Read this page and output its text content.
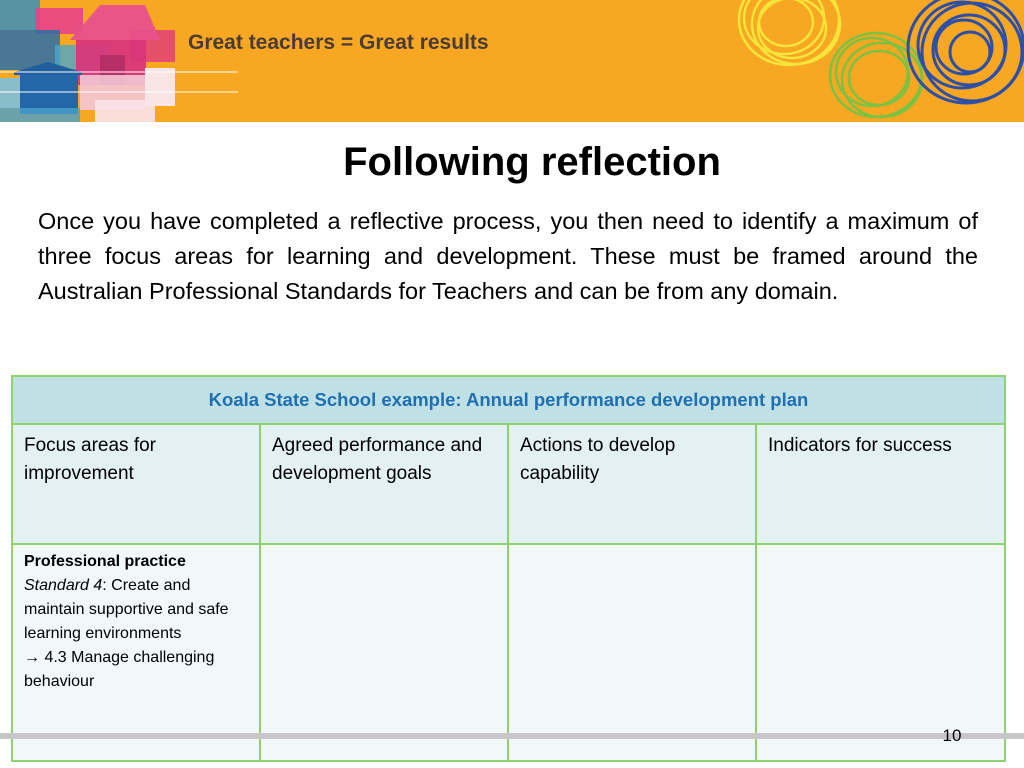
Great teachers = Great results
Following reflection
Once you have completed a reflective process, you then need to identify a maximum of three focus areas for learning and development. These must be framed around the Australian Professional Standards for Teachers and can be from any domain.
Koala State School example: Annual performance development plan			
Focus areas for improvement	Agreed performance and development goals	Actions to develop capability	Indicators for success

Professional practice
Standard 4: Create and maintain supportive and safe learning environments
→ 4.3 Manage challenging behaviour			

10
